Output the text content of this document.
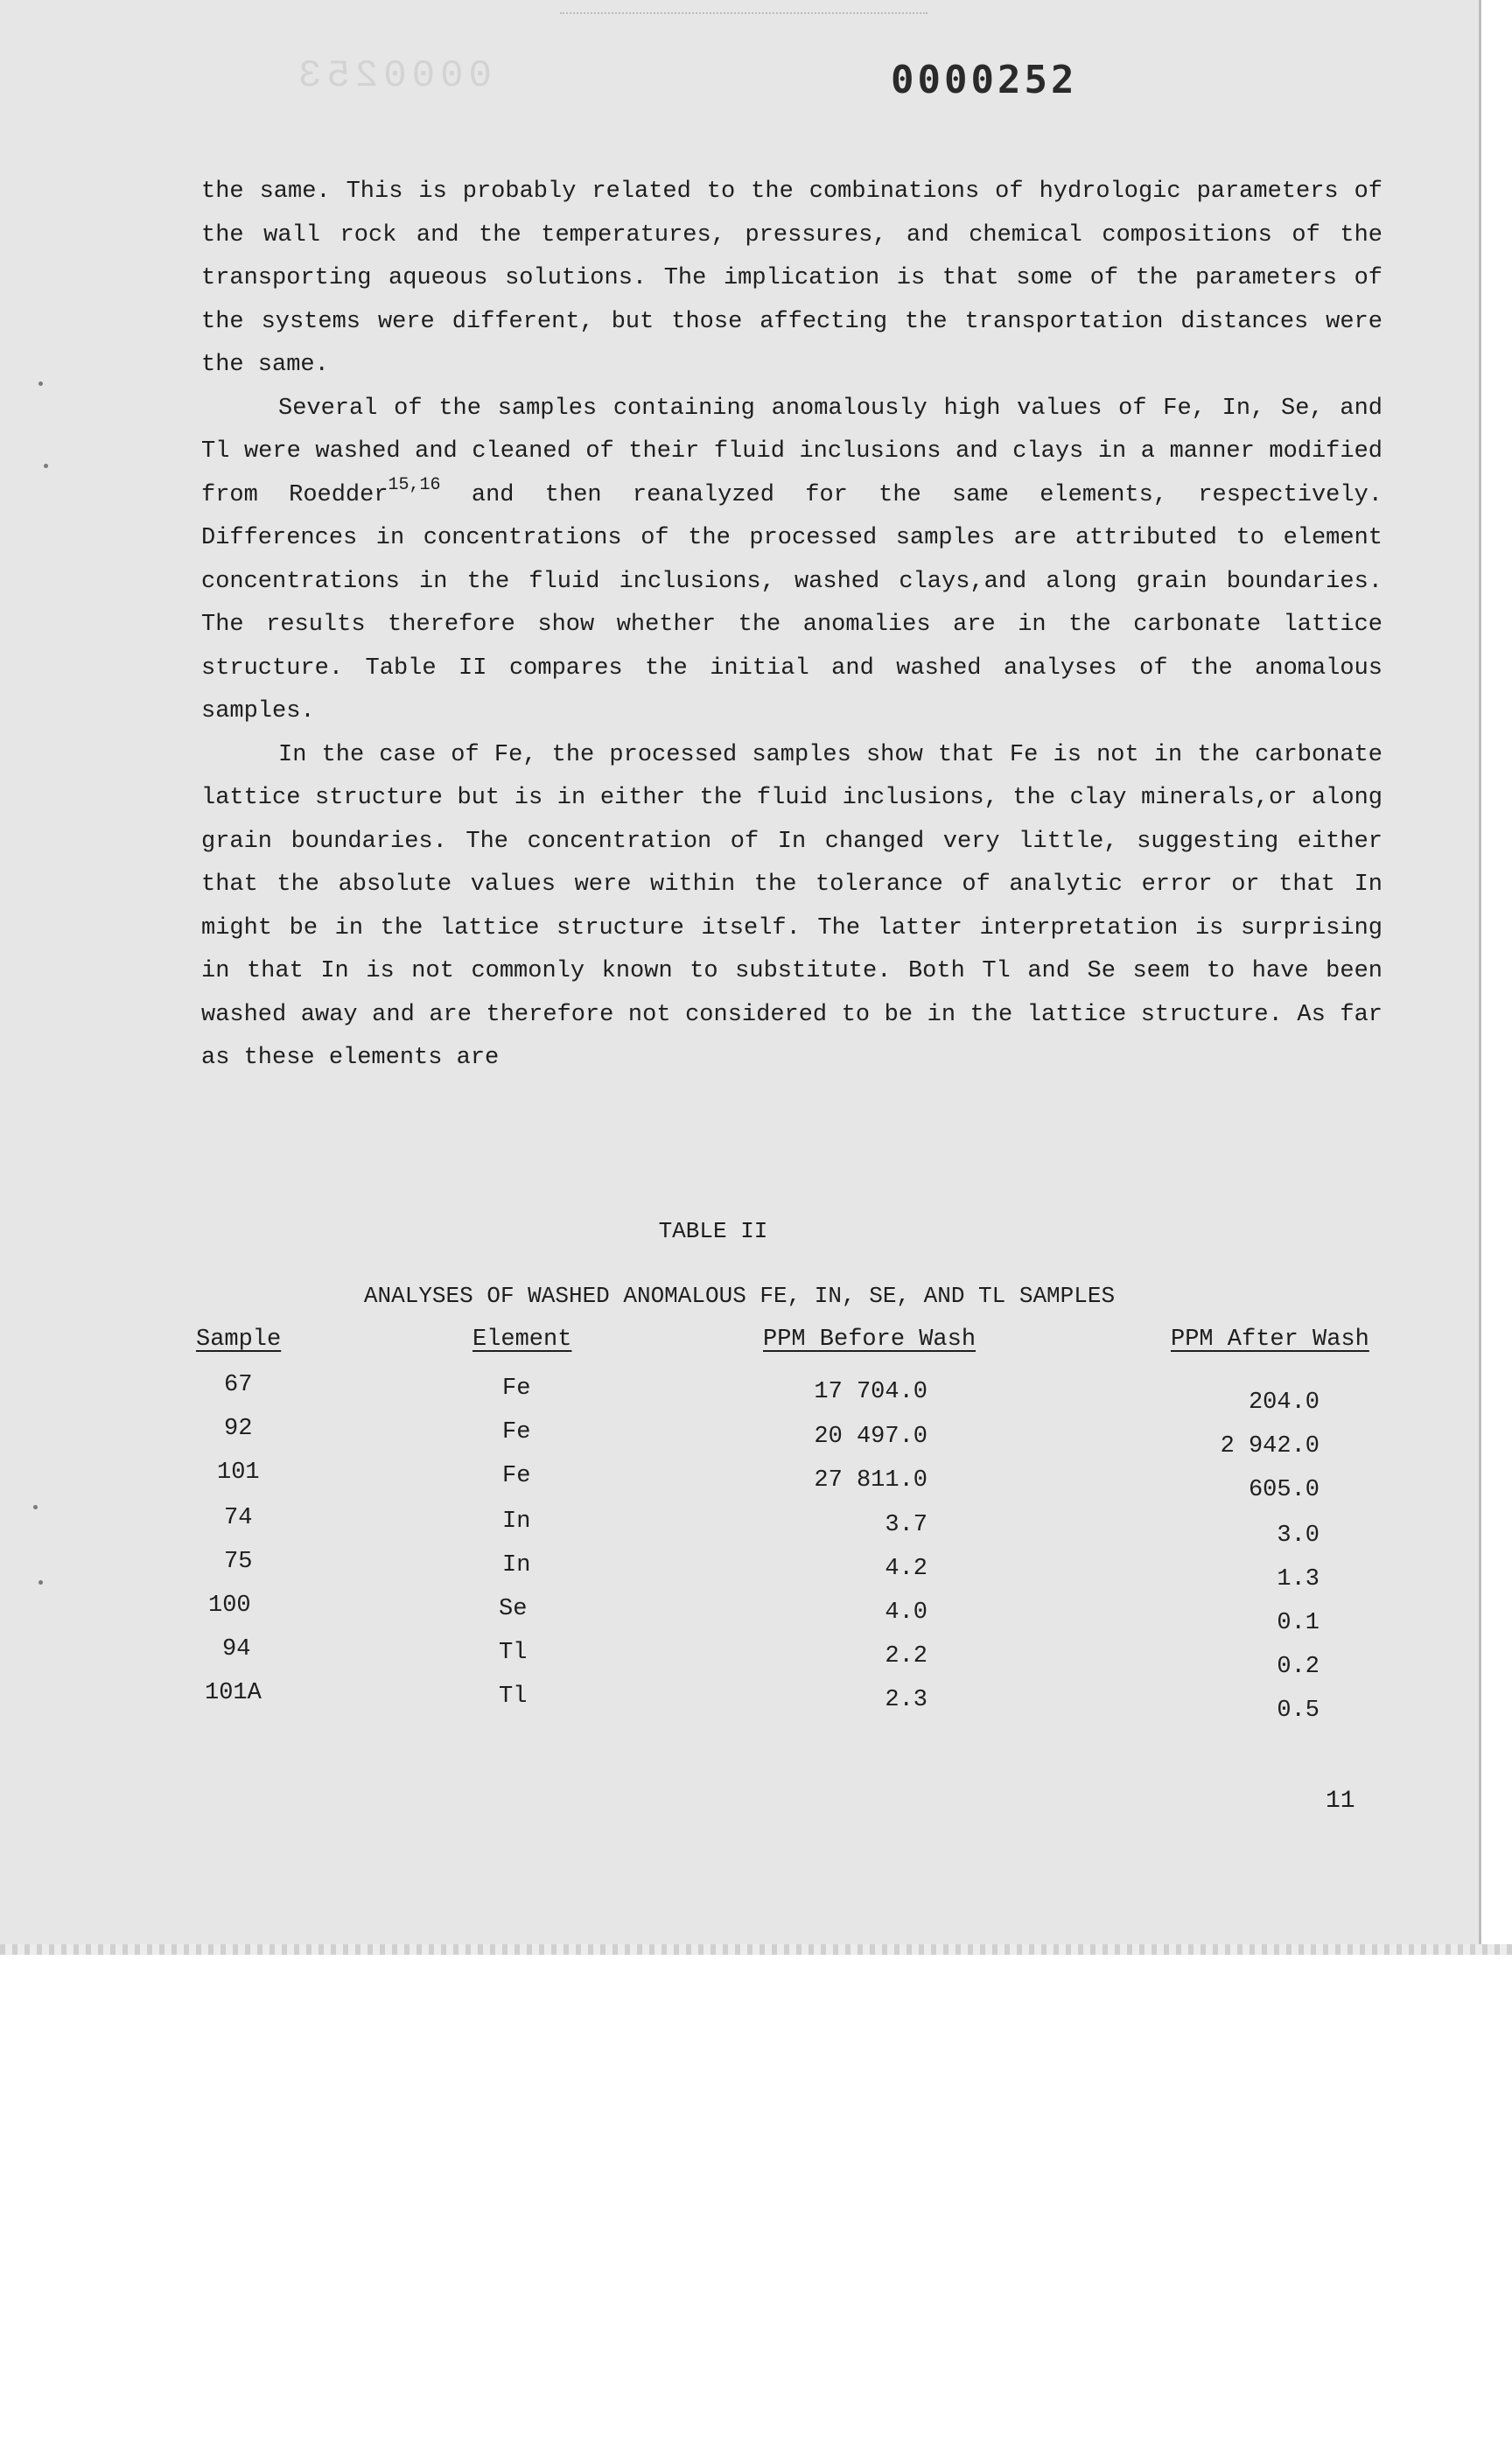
0000253	0000252

the same. This is probably related to the combinations of hydrologic parameters of the wall rock and the temperatures, pressures, and chemical compositions of the transporting aqueous solutions. The implication is that some of the parameters of the systems were different, but those affecting the transportation distances were the same.

Several of the samples containing anomalously high values of Fe, In, Se, and Tl were washed and cleaned of their fluid inclusions and clays in a manner modified from Roedder$^{15,16}$ and then reanalyzed for the same elements, respectively. Differences in concentrations of the processed samples are attributed to element concentrations in the fluid inclusions, washed clays,and along grain boundaries. The results therefore show whether the anomalies are in the carbonate lattice structure. Table II compares the initial and washed analyses of the anomalous samples.

In the case of Fe, the processed samples show that Fe is not in the carbonate lattice structure but is in either the fluid inclusions, the clay minerals,or along grain boundaries. The concentration of In changed very little, suggesting either that the absolute values were within the tolerance of analytic error or that In might be in the lattice structure itself. The latter interpretation is surprising in that In is not commonly known to substitute. Both Tl and Se seem to have been washed away and are therefore not considered to be in the lattice structure. As far as these elements are

TABLE II
ANALYSES OF WASHED ANOMALOUS FE, IN, SE, AND TL SAMPLES
Sample	Element	PPM Before Wash	PPM After Wash
67	Fe	17 704.0	204.0
92	Fe	20 497.0	2 942.0
101	Fe	27 811.0	605.0
74	In	3.7	3.0
75	In	4.2	1.3
100	Se	4.0	0.1
94	Tl	2.2	0.2
101A	Tl	2.3	0.5
11
